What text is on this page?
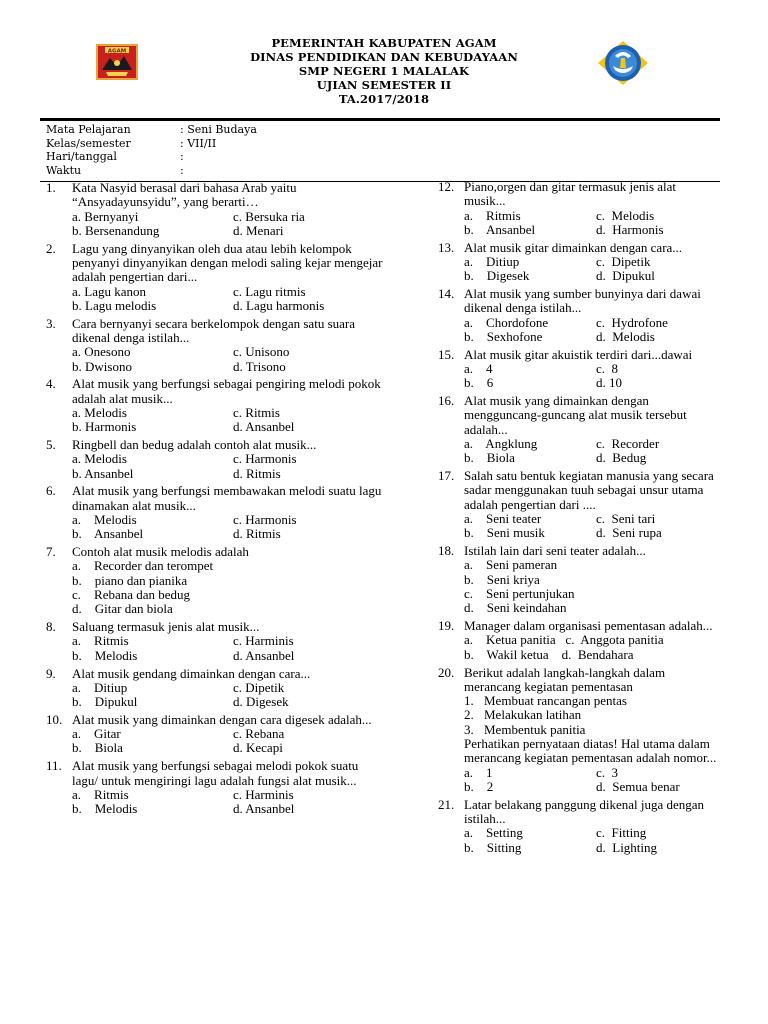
AGAM

PEMERINTAH KABUPATEN AGAM

DINAS PENDIDIKAN DAN KEBUDAYAAN

SMP NEGERI 1 MALALAK

UJIAN SEMESTER II

TA.2017/2018

Mata Pelajaran	: Seni Budaya
Kelas/semester	: VII/II
Hari/tanggal	:
Waktu	:
1.	Kata Nasyid berasal dari bahasa Arab yaitu “Ansyadayunsyidu”, yang berarti…
a. Bernyanyi	c. Bersuka ria
b. Bersenandung	d. Menari
2.	Lagu yang dinyanyikan oleh dua atau lebih kelompok penyanyi dinyanyikan dengan melodi saling kejar mengejar adalah pengertian dari...
a. Lagu kanon	c. Lagu ritmis
b. Lagu melodis	d. Lagu harmonis
3.	Cara bernyanyi secara berkelompok dengan satu suara dikenal denga istilah...
a. Onesono	c. Unisono
b. Dwisono	d. Trisono
4.	Alat musik yang berfungsi sebagai pengiring melodi pokok adalah alat musik...
a. Melodis	c. Ritmis
b. Harmonis	d. Ansanbel
5.	Ringbell dan bedug adalah contoh alat musik...
a. Melodis	c. Harmonis
b. Ansanbel	d. Ritmis
6.	Alat musik yang berfungsi membawakan melodi suatu lagu dinamakan alat musik...
a.    Melodis	c. Harmonis
b.    Ansanbel	d. Ritmis
7.	Contoh alat musik melodis adalah
a.    Recorder dan terompet
b.    piano dan pianika
c.    Rebana dan bedug
d.    Gitar dan biola
8.	Saluang termasuk jenis alat musik...
a.    Ritmis	c. Harminis
b.    Melodis	d. Ansanbel
9.	Alat musik gendang dimainkan dengan cara...
a.    Ditiup	c. Dipetik
b.    Dipukul	d. Digesek
10. Alat musik yang dimainkan dengan cara digesek adalah...
a.    Gitar	c. Rebana
b.    Biola	d. Kecapi
11. Alat musik yang berfungsi sebagai melodi pokok suatu lagu/ untuk mengiringi lagu adalah fungsi alat musik...
a.    Ritmis	c. Harminis
b.    Melodis	d. Ansanbel
12. Piano,orgen dan gitar termasuk jenis alat musik...
a.    Ritmis	c.  Melodis
b.    Ansanbel	d.  Harmonis
13. Alat musik gitar dimainkan dengan cara...
a.    Ditiup	c.  Dipetik
b.    Digesek	d.  Dipukul
14. Alat musik yang sumber bunyinya dari dawai dikenal denga istilah...
a.    Chordofone	c.  Hydrofone
b.    Sexhofone	d.  Melodis
15. Alat musik gitar akuistik terdiri dari...dawai
a.    4	c.  8
b.    6	d. 10
16. Alat musik yang dimainkan dengan mengguncang-guncang alat musik tersebut adalah...
a.    Angklung	c.  Recorder
b.    Biola	d.  Bedug
17. Salah satu bentuk kegiatan manusia yang secara sadar menggunakan tuuh sebagai unsur utama adalah pengertian dari ....
a.    Seni teater	c.  Seni tari
b.    Seni musik	d.  Seni rupa
18. Istilah lain dari seni teater adalah...
a.    Seni pameran
b.    Seni kriya
c.    Seni pertunjukan
d.    Seni keindahan
19. Manager dalam organisasi pementasan adalah...
a.    Ketua panitia   c.  Anggota panitia
b.    Wakil ketua    d.  Bendahara
20. Berikut adalah langkah-langkah dalam merancang kegiatan pementasan
1. Membuat rancangan pentas
2. Melakukan latihan
3. Membentuk panitia
Perhatikan pernyataan diatas! Hal utama dalam merancang kegiatan pementasan adalah nomor...
a.    1	c.  3
b.    2	d.  Semua benar
21. Latar belakang panggung dikenal juga dengan istilah...
a.    Setting	c.  Fitting
b.    Sitting	d.  Lighting
